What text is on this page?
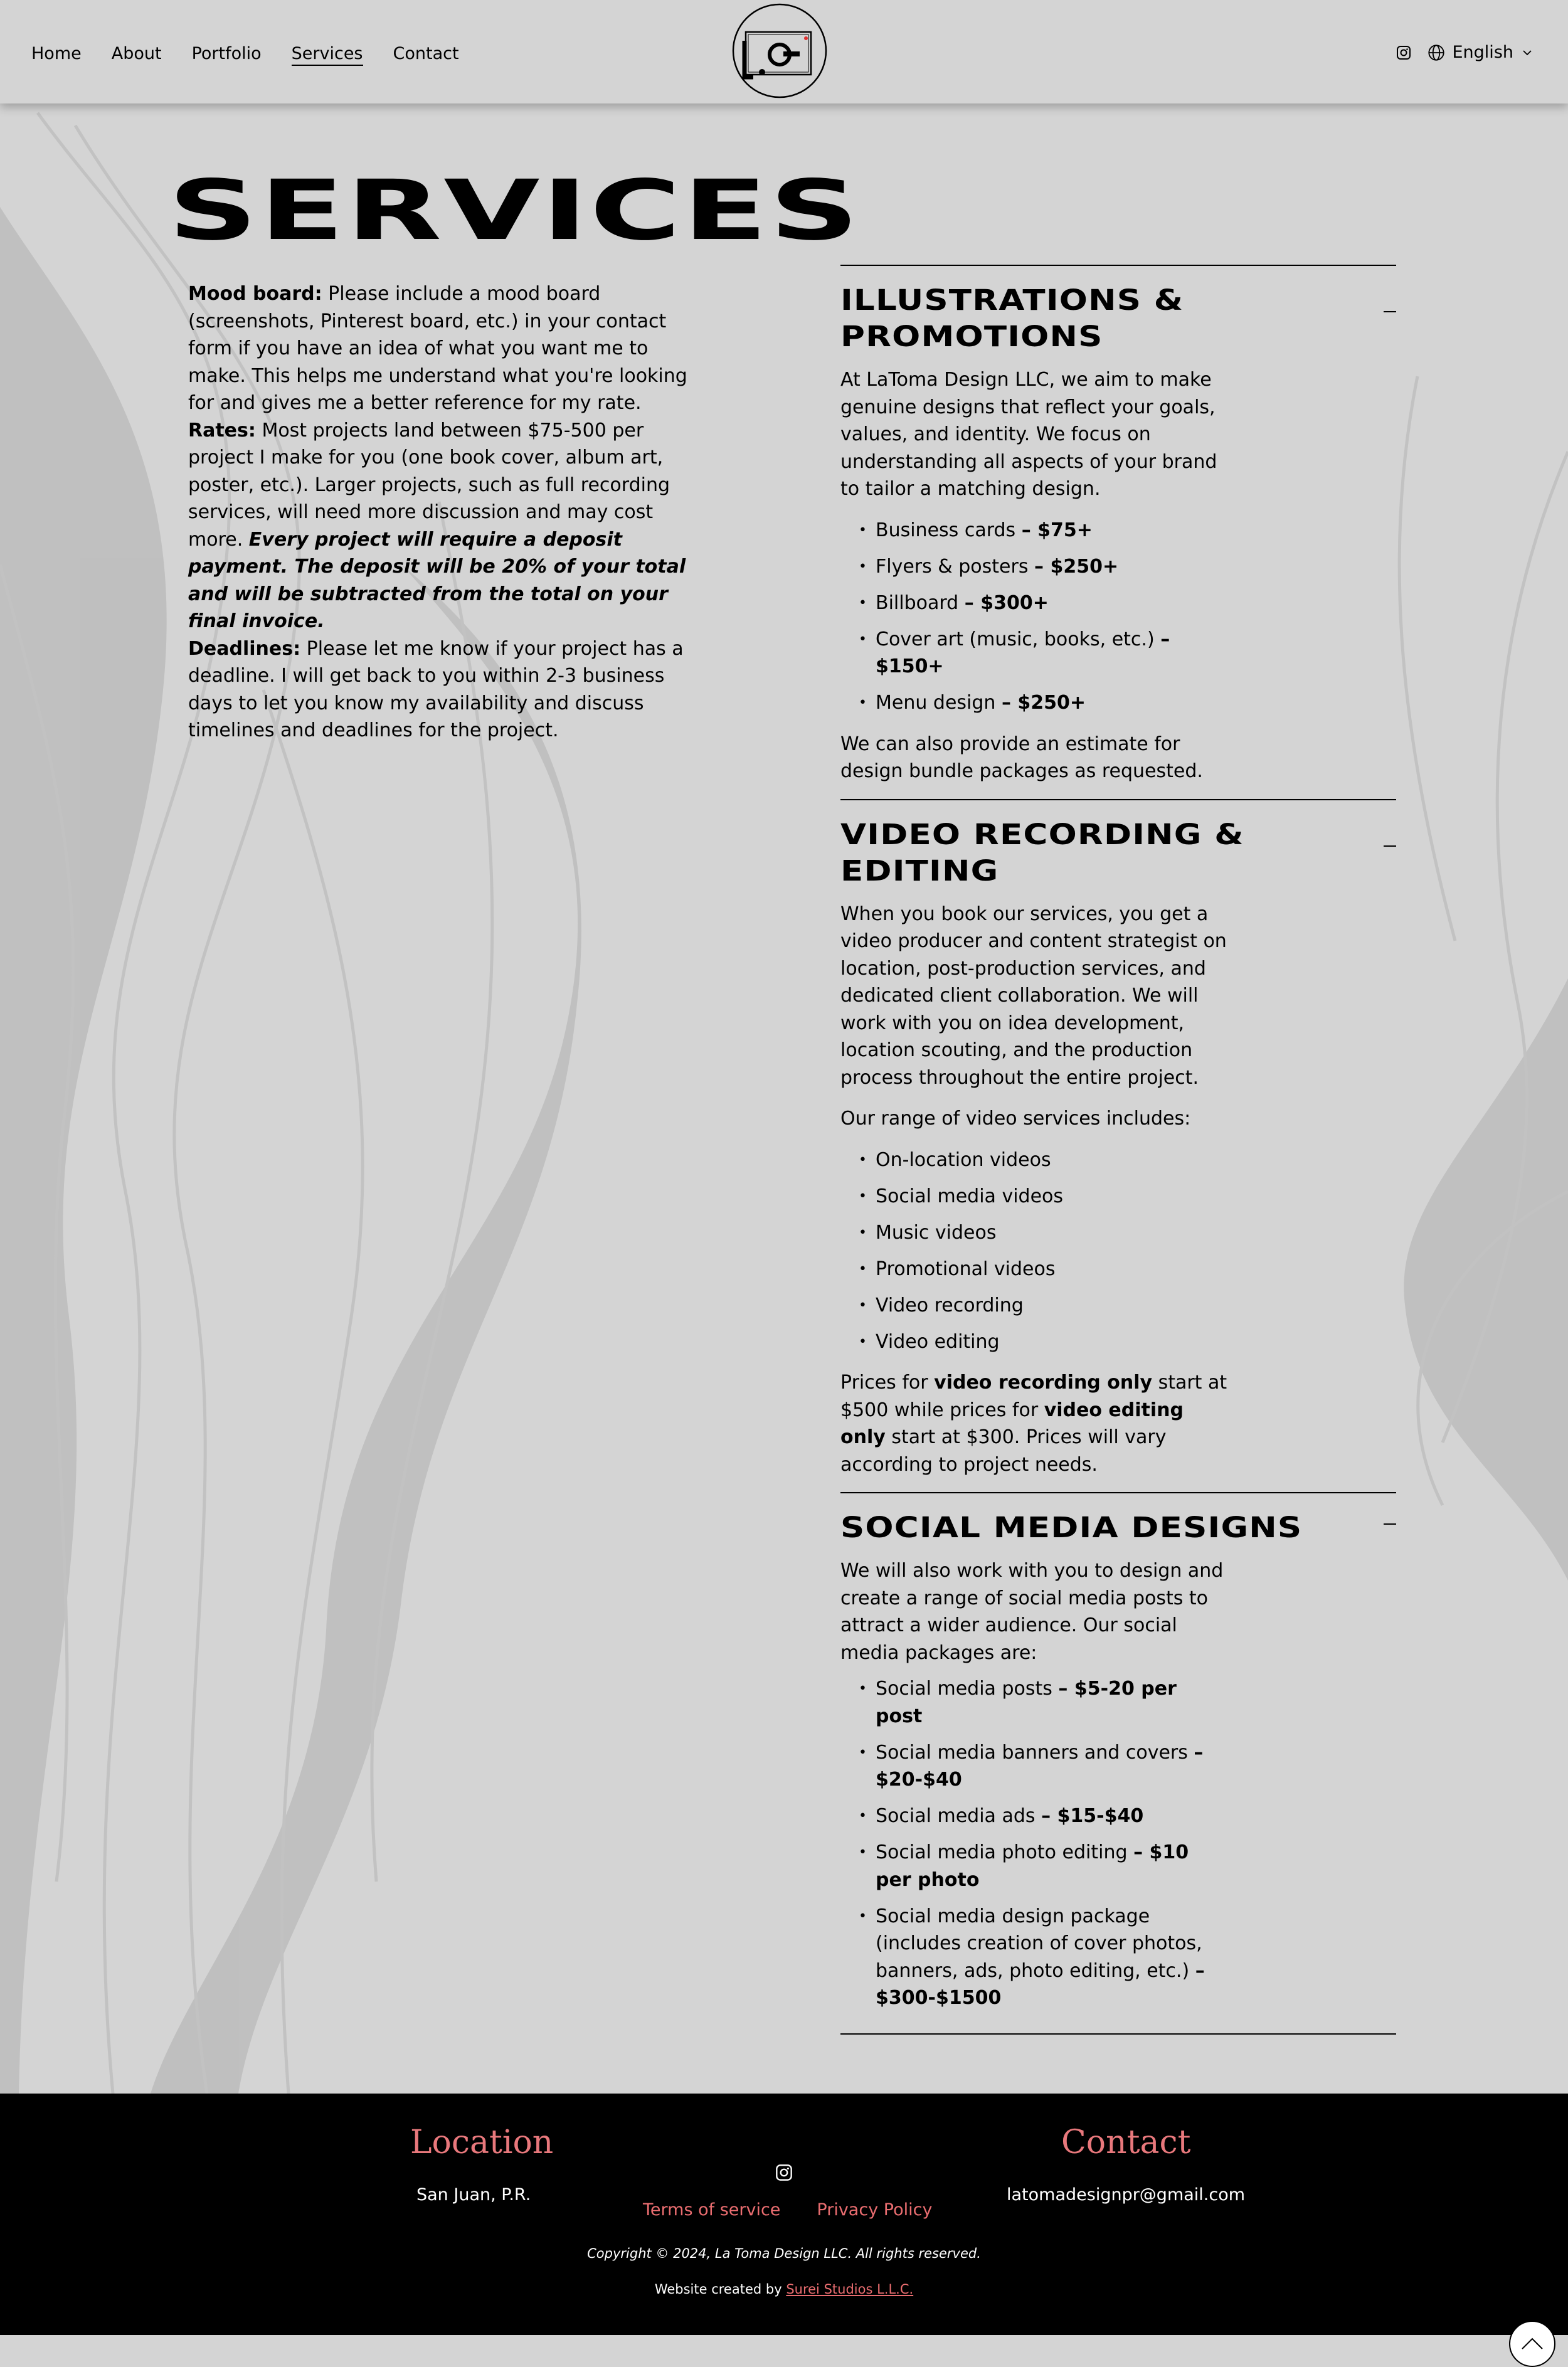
Home About Portfolio Services Contact	English
SERVICES

Mood board: Please include a mood board (screenshots, Pinterest board, etc.) in your contact form if you have an idea of what you want me to make. This helps me understand what you're looking for and gives me a better reference for my rate.

Rates: Most projects land between $75-500 per project I make for you (one book cover, album art, poster, etc.). Larger projects, such as full recording services, will need more discussion and may cost more. Every project will require a deposit payment. The deposit will be 20% of your total and will be subtracted from the total on your final invoice.

Deadlines: Please let me know if your project has a deadline. I will get back to you within 2-3 business days to let you know my availability and discuss timelines and deadlines for the project.

ILLUSTRATIONS &
PROMOTIONS

At LaToma Design LLC, we aim to make genuine designs that reflect your goals, values, and identity. We focus on understanding all aspects of your brand to tailor a matching design.

• Business cards – $75+
• Flyers & posters – $250+
• Billboard – $300+
• Cover art (music, books, etc.) – $150+
• Menu design – $250+

We can also provide an estimate for design bundle packages as requested.

VIDEO RECORDING &
EDITING

When you book our services, you get a video producer and content strategist on location, post-production services, and dedicated client collaboration. We will work with you on idea development, location scouting, and the production process throughout the entire project.

Our range of video services includes:

• On-location videos
• Social media videos
• Music videos
• Promotional videos
• Video recording
• Video editing

Prices for video recording only start at $500 while prices for video editing only start at $300. Prices will vary according to project needs.

SOCIAL MEDIA DESIGNS

We will also work with you to design and create a range of social media posts to attract a wider audience. Our social media packages are:

• Social media posts – $5-20 per post
• Social media banners and covers – $20-$40
• Social media ads – $15-$40
• Social media photo editing – $10 per photo
• Social media design package (includes creation of cover photos, banners, ads, photo editing, etc.) – $300-$1500
Location
San Juan, P.R.
Terms of service Privacy Policy
Contact
latomadesignpr@gmail.com
Copyright © 2024, La Toma Design LLC. All rights reserved.
Website created by Surei Studios L.L.C.
